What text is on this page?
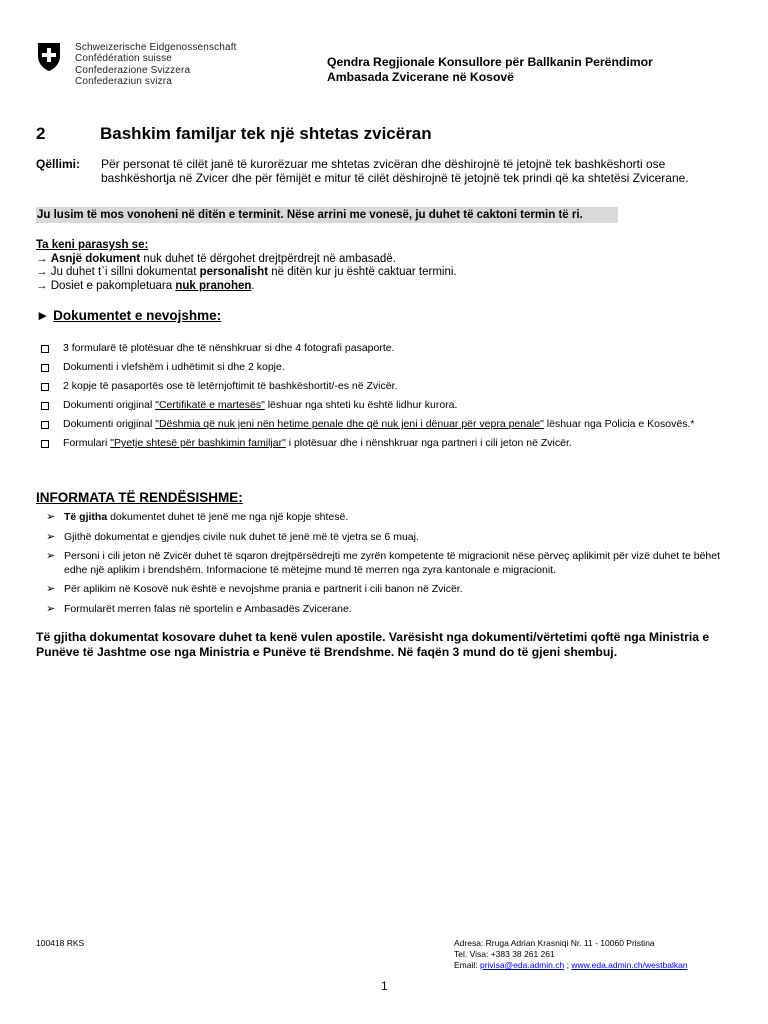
Schweizerische Eidgenossenschaft
Confédération suisse
Confederazione Svizzera
Confederaziun svizra
Qendra Regjionale Konsullore për Ballkanin Perëndimor
Ambasada Zvicerane në Kosovë
2	Bashkim familjar tek një shtetas zvicëran
Qëllimi: Për personat të cilët janë të kurorëzuar me shtetas zvicëran dhe dëshirojnë të jetojnë tek bashkëshorti ose bashkëshortja në Zvicer dhe për fëmijët e mitur të cilët dëshirojnë të jetojnë tek prindi që ka shtetësi Zvicerane.
Ju lusim të mos vonoheni në ditën e terminit. Nëse arrini me vonesë, ju duhet të caktoni termin të ri.
Ta keni parasysh se:
→ Asnjë dokument nuk duhet të dërgohet drejtpërdrejt në ambasadë.
→ Ju duhet t`i sillni dokumentat personalisht në ditën kur ju është caktuar termini.
→ Dosiet e pakompletuara nuk pranohen.
► Dokumentet e nevojshme:
3 formularë të plotësuar dhe të nënshkruar si dhe 4 fotografi pasaporte.
Dokumenti i vlefshëm i udhëtimit si dhe 2 kopje.
2 kopje të pasaportës ose të letërnjoftimit të bashkëshortit/-es në Zvicër.
Dokumenti origjinal "Certifikatë e martesës" lëshuar nga shteti ku është lidhur kurora.
Dokumenti origjinal "Dëshmia që nuk jeni nën hetime penale dhe që nuk jeni i dënuar për vepra penale" lëshuar nga Policia e Kosovës.*
Formulari "Pyetje shtesë për bashkimin familjar" i plotësuar dhe i nënshkruar nga partneri i cili jeton në Zvicër.
INFORMATA TË RENDËSISHME:
➢ Të gjitha dokumentet duhet të jenë me nga një kopje shtesë.
➢ Gjithë dokumentat e gjendjes civile nuk duhet të jenë më të vjetra se 6 muaj.
➢ Personi i cili jeton në Zvicër duhet të sqaron drejtpërsëdrejti me zyrën kompetente të migracionit nëse përveç aplikimit për vizë duhet te bëhet edhe një aplikim i brendshëm. Informacione të mëtejme mund të merren nga zyra kantonale e migracionit.
➢ Për aplikim në Kosovë nuk është e nevojshme prania e partnerit i cili banon në Zvicër.
➢ Formularët merren falas në sportelin e Ambasadës Zvicerane.
Të gjitha dokumentat kosovare duhet ta kenë vulen apostile. Varësisht nga dokumenti/vërtetimi qoftë nga Ministria e Punëve të Jashtme ose nga Ministria e Punëve të Brendshme. Në faqën 3 mund do të gjeni shembuj.
100418 RKS	Adresa: Rruga Adrian Krasniqi Nr. 11 - 10060 Pristina
Tel. Visa: +383 38 261 261
Email: privisa@eda.admin.ch ; www.eda.admin.ch/westbalkan
1
